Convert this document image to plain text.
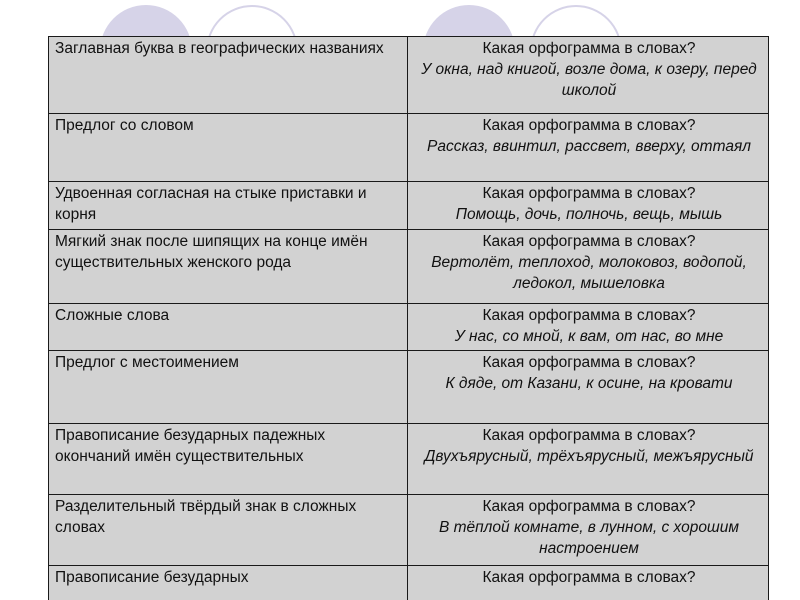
Заглавная буква в географических названиях	Какая орфограмма в словах?
У окна, над книгой, возле дома, к озеру, перед школой

Предлог со словом	Какая орфограмма в словах?
Рассказ, ввинтил, рассвет, вверху, оттаял

Удвоенная согласная на стыке приставки и корня	Какая орфограмма в словах?
Помощь, дочь, полночь, вещь, мышь

Мягкий знак после шипящих на конце имён существительных женского рода	Какая орфограмма в словах?
Вертолёт, теплоход, молоковоз, водопой, ледокол, мышеловка

Сложные слова	Какая орфограмма в словах?
У нас, со мной, к вам, от нас, во мне

Предлог с местоимением	Какая орфограмма в словах?
К дяде, от Казани, к осине, на кровати

Правописание безударных падежных окончаний имён существительных	Какая орфограмма в словах?
Двухъярусный, трёхъярусный, межъярусный

Разделительный твёрдый знак в сложных словах	Какая орфограмма в словах?
В тёплой комнате, в лунном, с хорошим настроением

Правописание безударных	Какая орфограмма в словах?
